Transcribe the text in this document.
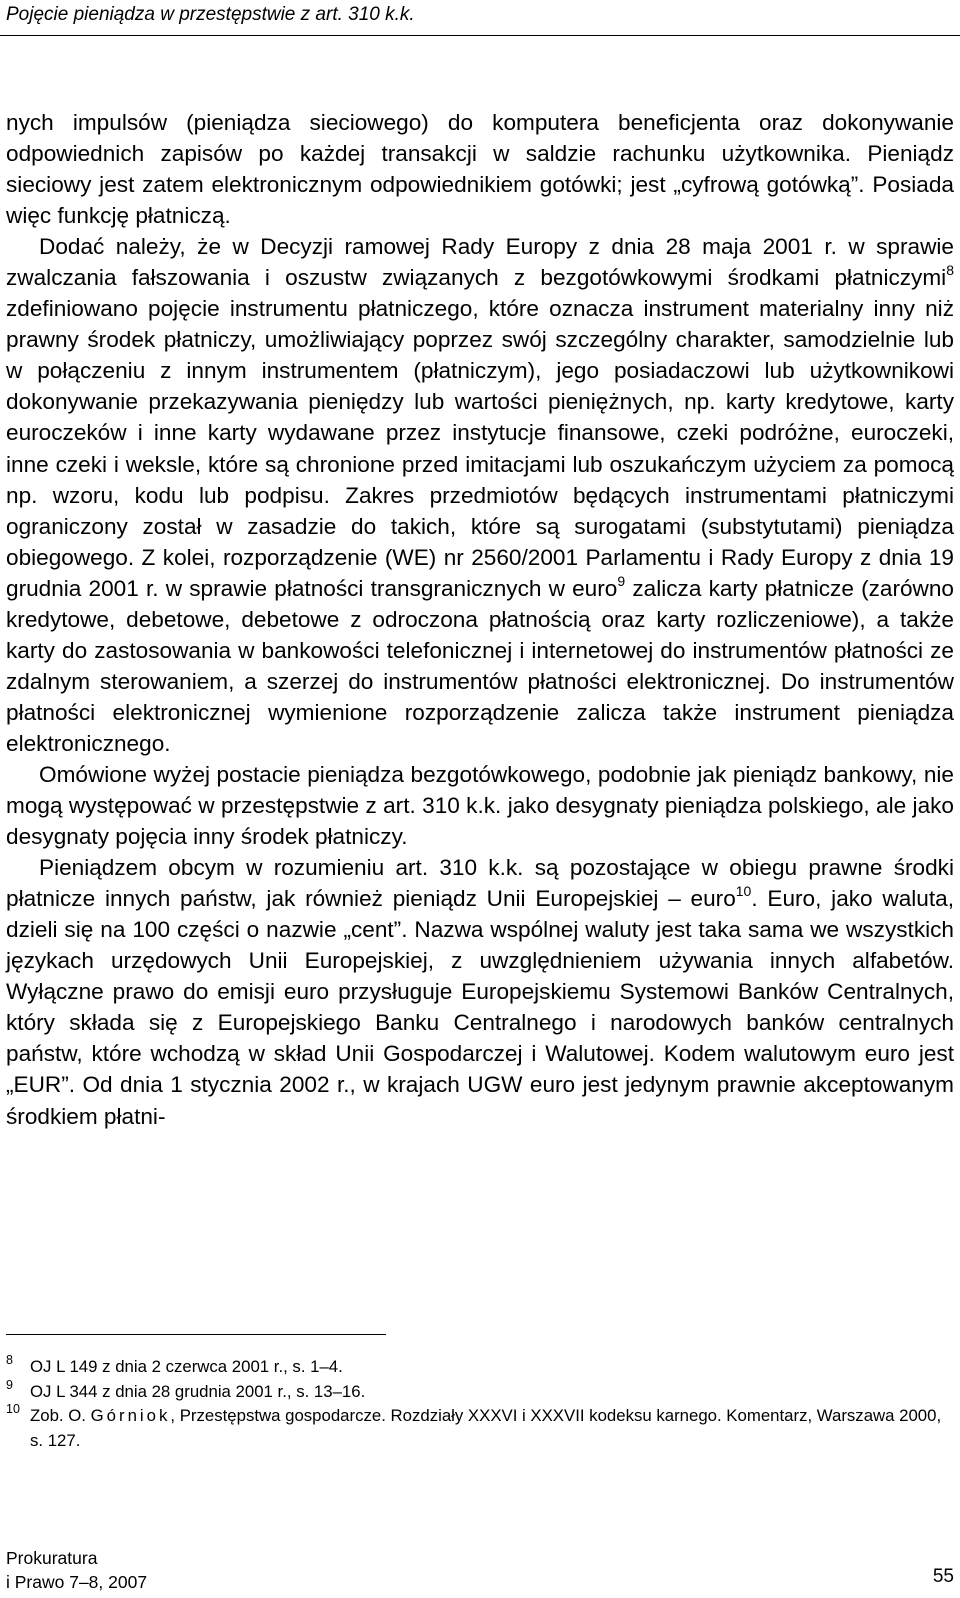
Pojęcie pieniądza w przestępstwie z art. 310 k.k.

nych impulsów (pieniądza sieciowego) do komputera beneficjenta oraz dokonywanie odpowiednich zapisów po każdej transakcji w saldzie rachunku użytkownika. Pieniądz sieciowy jest zatem elektronicznym odpowiednikiem gotówki; jest „cyfrową gotówką”. Posiada więc funkcję płatniczą.
Dodać należy, że w Decyzji ramowej Rady Europy z dnia 28 maja 2001 r. w sprawie zwalczania fałszowania i oszustw związanych z bezgotówkowymi środkami płatniczymi$^8$ zdefiniowano pojęcie instrumentu płatniczego, które oznacza instrument materialny inny niż prawny środek płatniczy, umożliwiający poprzez swój szczególny charakter, samodzielnie lub w połączeniu z innym instrumentem (płatniczym), jego posiadaczowi lub użytkownikowi dokonywanie przekazywania pieniędzy lub wartości pieniężnych, np. karty kredytowe, karty euroczeków i inne karty wydawane przez instytucje finansowe, czeki podróżne, euroczeki, inne czeki i weksle, które są chronione przed imitacjami lub oszukańczym użyciem za pomocą np. wzoru, kodu lub podpisu. Zakres przedmiotów będących instrumentami płatniczymi ograniczony został w zasadzie do takich, które są surogatami (substytutami) pieniądza obiegowego. Z kolei, rozporządzenie (WE) nr 2560/2001 Parlamentu i Rady Europy z dnia 19 grudnia 2001 r. w sprawie płatności transgranicznych w euro$^9$ zalicza karty płatnicze (zarówno kredytowe, debetowe, debetowe z odroczona płatnością oraz karty rozliczeniowe), a także karty do zastosowania w bankowości telefonicznej i internetowej do instrumentów płatności ze zdalnym sterowaniem, a szerzej do instrumentów płatności elektronicznej. Do instrumentów płatności elektronicznej wymienione rozporządzenie zalicza także instrument pieniądza elektronicznego.

Omówione wyżej postacie pieniądza bezgotówkowego, podobnie jak pieniądz bankowy, nie mogą występować w przestępstwie z art. 310 k.k. jako desygnaty pieniądza polskiego, ale jako desygnaty pojęcia inny środek płatniczy.

Pieniądzem obcym w rozumieniu art. 310 k.k. są pozostające w obiegu prawne środki płatnicze innych państw, jak również pieniądz Unii Europejskiej – euro$^{10}$. Euro, jako waluta, dzieli się na 100 części o nazwie „cent”. Nazwa wspólnej waluty jest taka sama we wszystkich językach urzędowych Unii Europejskiej, z uwzględnieniem używania innych alfabetów. Wyłączne prawo do emisji euro przysługuje Europejskiemu Systemowi Banków Centralnych, który składa się z Europejskiego Banku Centralnego i narodowych banków centralnych państw, które wchodzą w skład Unii Gospodarczej i Walutowej. Kodem walutowym euro jest „EUR”. Od dnia 1 stycznia 2002 r., w krajach UGW euro jest jedynym prawnie akceptowanym środkiem płatni-

8 OJ L 149 z dnia 2 czerwca 2001 r., s. 1–4.
9 OJ L 344 z dnia 28 grudnia 2001 r., s. 13–16.
10 Zob. O. Górniok, Przestępstwa gospodarcze. Rozdziały XXXVI i XXXVII kodeksu karnego. Komentarz, Warszawa 2000, s. 127.
Prokuratura
i Prawo 7–8, 2007	55
